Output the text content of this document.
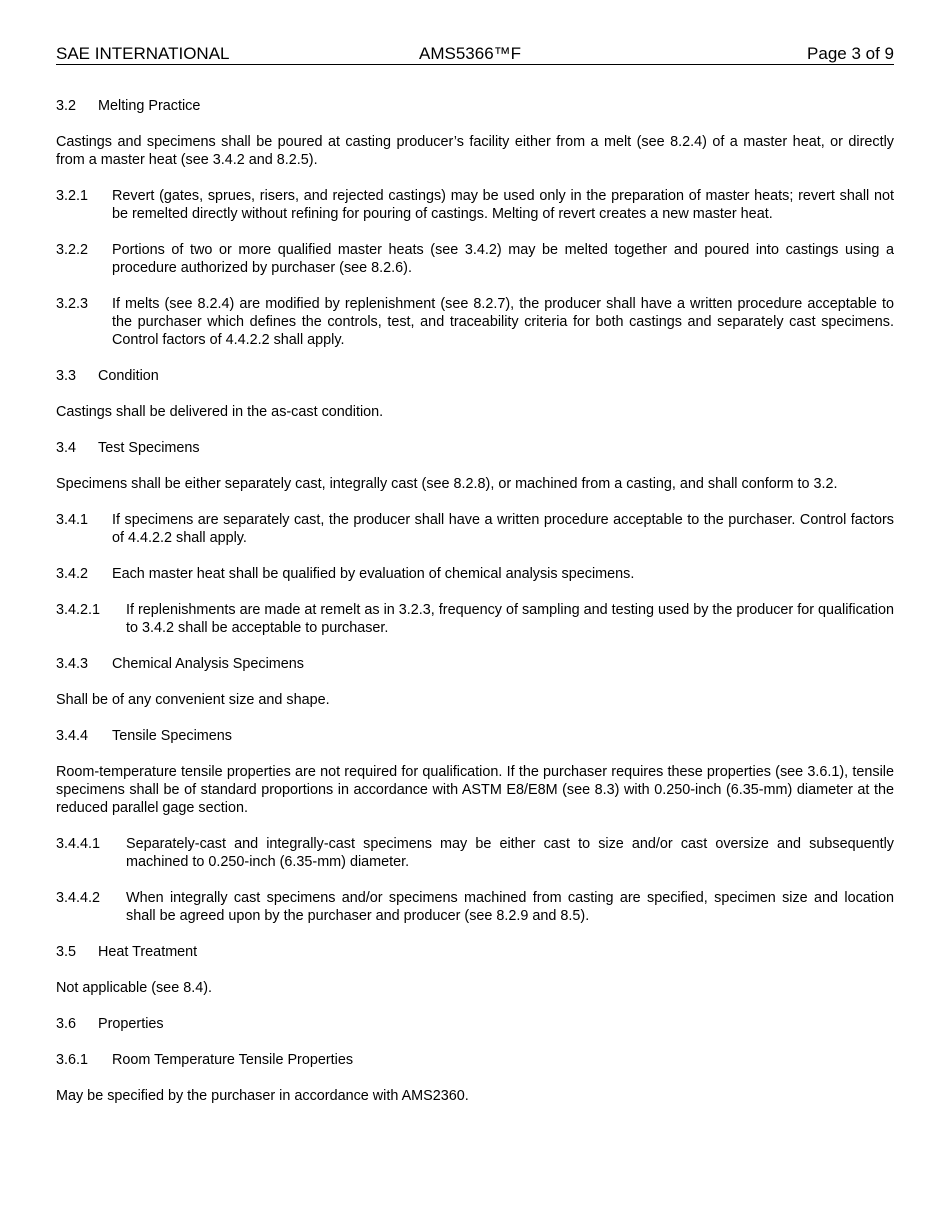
SAE INTERNATIONAL	AMS5366™F	Page 3 of 9
3.2	Melting Practice
Castings and specimens shall be poured at casting producer’s facility either from a melt (see 8.2.4) of a master heat, or directly from a master heat (see 3.4.2 and 8.2.5).
3.2.1	Revert (gates, sprues, risers, and rejected castings) may be used only in the preparation of master heats; revert shall not be remelted directly without refining for pouring of castings. Melting of revert creates a new master heat.
3.2.2	Portions of two or more qualified master heats (see 3.4.2) may be melted together and poured into castings using a procedure authorized by purchaser (see 8.2.6).
3.2.3	If melts (see 8.2.4) are modified by replenishment (see 8.2.7), the producer shall have a written procedure acceptable to the purchaser which defines the controls, test, and traceability criteria for both castings and separately cast specimens. Control factors of 4.4.2.2 shall apply.
3.3	Condition
Castings shall be delivered in the as-cast condition.
3.4	Test Specimens
Specimens shall be either separately cast, integrally cast (see 8.2.8), or machined from a casting, and shall conform to 3.2.
3.4.1	If specimens are separately cast, the producer shall have a written procedure acceptable to the purchaser. Control factors of 4.4.2.2 shall apply.
3.4.2	Each master heat shall be qualified by evaluation of chemical analysis specimens.
3.4.2.1	If replenishments are made at remelt as in 3.2.3, frequency of sampling and testing used by the producer for qualification to 3.4.2 shall be acceptable to purchaser.
3.4.3	Chemical Analysis Specimens
Shall be of any convenient size and shape.
3.4.4	Tensile Specimens
Room-temperature tensile properties are not required for qualification. If the purchaser requires these properties (see 3.6.1), tensile specimens shall be of standard proportions in accordance with ASTM E8/E8M (see 8.3) with 0.250-inch (6.35-mm) diameter at the reduced parallel gage section.
3.4.4.1	Separately-cast and integrally-cast specimens may be either cast to size and/or cast oversize and subsequently machined to 0.250-inch (6.35-mm) diameter.
3.4.4.2	When integrally cast specimens and/or specimens machined from casting are specified, specimen size and location shall be agreed upon by the purchaser and producer (see 8.2.9 and 8.5).
3.5	Heat Treatment
Not applicable (see 8.4).
3.6	Properties
3.6.1	Room Temperature Tensile Properties
May be specified by the purchaser in accordance with AMS2360.
